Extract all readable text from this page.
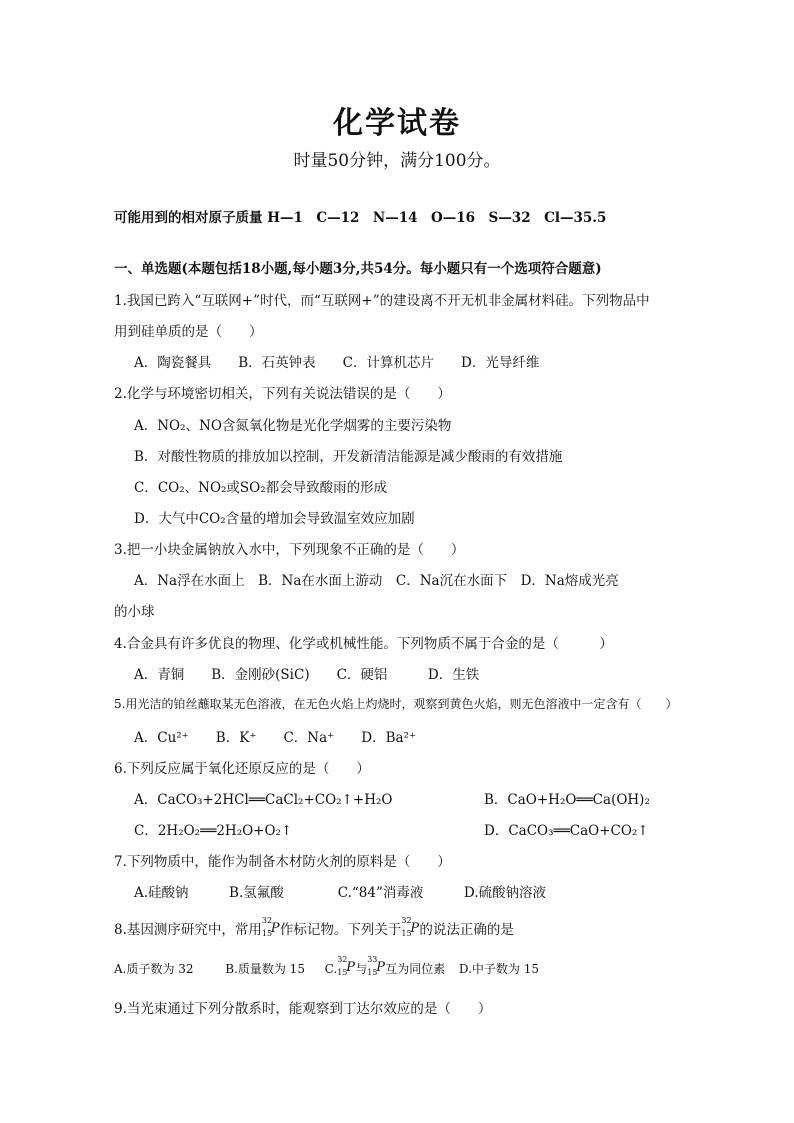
化学试卷
时量50分钟，满分100分。
可能用到的相对原子质量 H—1　C—12　N—14　O—16　S—32　Cl—35.5
一、单选题(本题包括18小题,每小题3分,共54分。每小题只有一个选项符合题意)
1.我国已跨入“互联网+”时代，而“互联网+”的建设离不开无机非金属材料硅。下列物品中
用到硅单质的是（　　）
A．陶瓷餐具　　B．石英钟表　　C．计算机芯片　　D．光导纤维
2.化学与环境密切相关，下列有关说法错误的是（　　）
A．NO₂、NO含氮氧化物是光化学烟雾的主要污染物
B．对酸性物质的排放加以控制，开发新清洁能源是减少酸雨的有效措施
C．CO₂、NO₂或SO₂都会导致酸雨的形成
D．大气中CO₂含量的增加会导致温室效应加剧
3.把一小块金属钠放入水中，下列现象不正确的是（　　）
A．Na浮在水面上　B．Na在水面上游动　C．Na沉在水面下　D．Na熔成光亮
的小球
4.合金具有许多优良的物理、化学或机械性能。下列物质不属于合金的是（　　　）
A．青铜　　B．金刚砂(SiC)　　C．硬铝　　　D．生铁
5.用光洁的铂丝蘸取某无色溶液，在无色火焰上灼烧时，观察到黄色火焰，则无色溶液中一定含有（　　）
A．Cu²⁺　　B．K⁺　　C．Na⁺　　D．Ba²⁺
6.下列反应属于氧化还原反应的是（　　）
A．CaCO₃+2HCl══CaCl₂+CO₂↑+H₂O	B．CaO+H₂O══Ca(OH)₂
C．2H₂O₂══2H₂O+O₂↑	D．CaCO₃══CaO+CO₂↑
7.下列物质中，能作为制备木材防火剂的原料是（　　）
A.硅酸钠　　　B.氢氟酸　　　　C.“84”消毒液　　　D.硫酸钠溶液
8.基因测序研究中，常用
32
15
P 作标记物。下列关于
32
15
P 的说法正确的是
A.质子数为 32	B.质量数为 15 C.
32
15
P 与
33
15
P 互为同位素 D.中子数为 15
9.当光束通过下列分散系时，能观察到丁达尔效应的是（　　）
